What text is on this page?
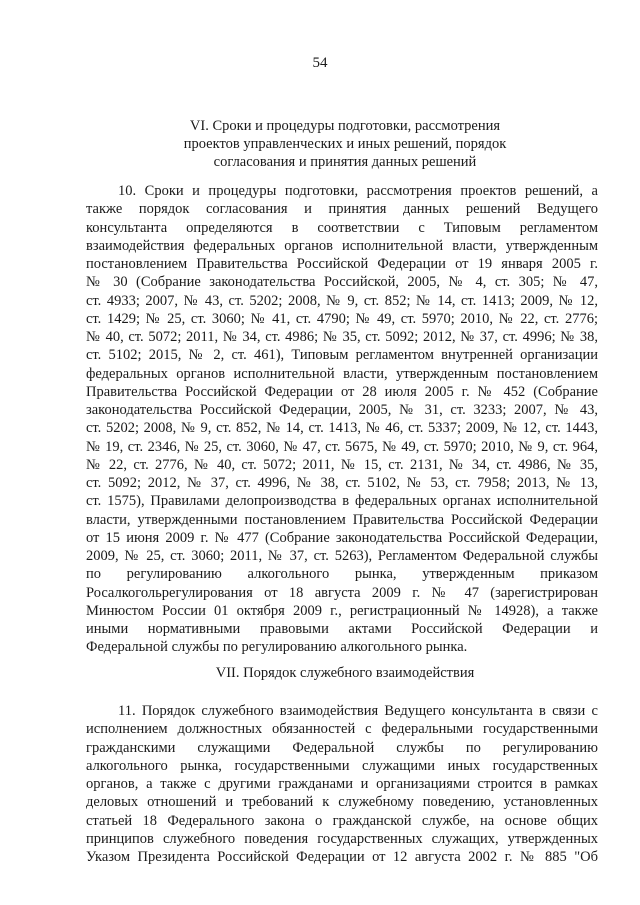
54
VI. Сроки и процедуры подготовки, рассмотрения
проектов управленческих и иных решений, порядок
согласования и принятия данных решений
10. Сроки и процедуры подготовки, рассмотрения проектов решений, а
также порядок согласования и принятия данных решений Ведущего
консультанта определяются в соответствии с Типовым регламентом
взаимодействия федеральных органов исполнительной власти, утвержденным
постановлением Правительства Российской Федерации от 19 января 2005 г.
№ 30 (Собрание законодательства Российской, 2005, № 4, ст. 305; № 47,
ст. 4933; 2007, № 43, ст. 5202; 2008, № 9, ст. 852; № 14, ст. 1413; 2009, № 12,
ст. 1429; № 25, ст. 3060; № 41, ст. 4790; № 49, ст. 5970; 2010, № 22, ст. 2776;
№ 40, ст. 5072; 2011, № 34, ст. 4986; № 35, ст. 5092; 2012, № 37, ст. 4996; № 38,
ст. 5102; 2015, № 2, ст. 461), Типовым регламентом внутренней организации
федеральных органов исполнительной власти, утвержденным постановлением
Правительства Российской Федерации от 28 июля 2005 г. № 452 (Собрание
законодательства Российской Федерации, 2005, № 31, ст. 3233; 2007, № 43,
ст. 5202; 2008, № 9, ст. 852, № 14, ст. 1413, № 46, ст. 5337; 2009, № 12, ст. 1443,
№ 19, ст. 2346, № 25, ст. 3060, № 47, ст. 5675, № 49, ст. 5970; 2010, № 9, ст. 964,
№ 22, ст. 2776, № 40, ст. 5072; 2011, № 15, ст. 2131, № 34, ст. 4986, № 35,
ст. 5092; 2012, № 37, ст. 4996, № 38, ст. 5102, № 53, ст. 7958; 2013, № 13,
ст. 1575), Правилами делопроизводства в федеральных органах исполнительной
власти, утвержденными постановлением Правительства Российской Федерации
от 15 июня 2009 г. № 477 (Собрание законодательства Российской Федерации,
2009, № 25, ст. 3060; 2011, № 37, ст. 5263), Регламентом Федеральной службы
по регулированию алкогольного рынка, утвержденным приказом
Росалкогольрегулирования от 18 августа 2009 г. № 47 (зарегистрирован
Минюстом России 01 октября 2009 г., регистрационный № 14928), а также
иными нормативными правовыми актами Российской Федерации и
Федеральной службы по регулированию алкогольного рынка.
VII. Порядок служебного взаимодействия
11. Порядок служебного взаимодействия Ведущего консультанта в связи с
исполнением должностных обязанностей с федеральными государственными
гражданскими служащими Федеральной службы по регулированию
алкогольного рынка, государственными служащими иных государственных
органов, а также с другими гражданами и организациями строится в рамках
деловых отношений и требований к служебному поведению, установленных
статьей 18 Федерального закона о гражданской службе, на основе общих
принципов служебного поведения государственных служащих, утвержденных
Указом Президента Российской Федерации от 12 августа 2002 г. № 885 "Об
